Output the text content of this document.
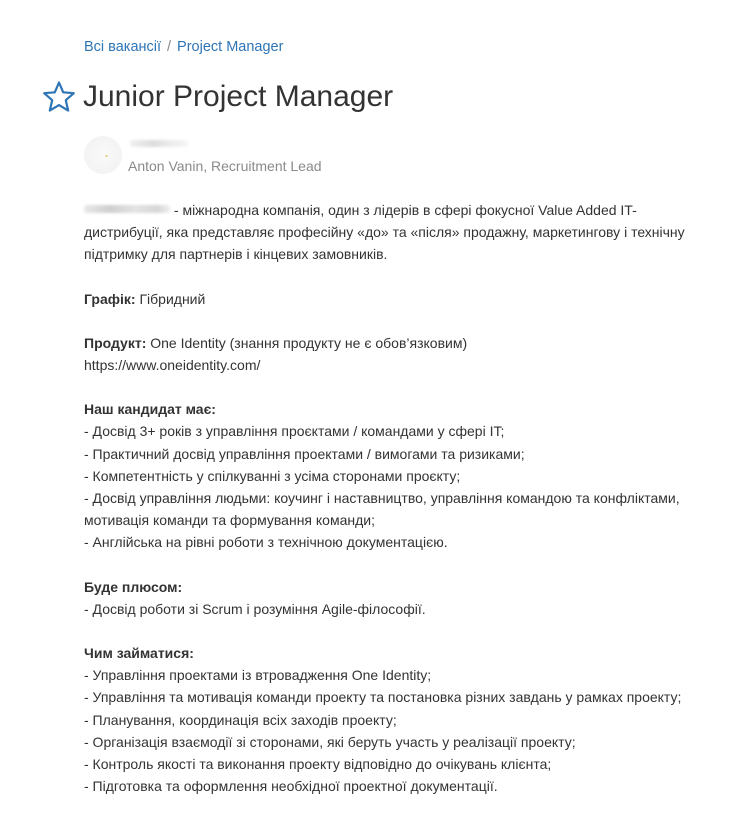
Всі вакансії / Project Manager
Junior Project Manager
Anton Vanin, Recruitment Lead

- міжнародна компанія, один з лідерів в сфері фокусної Value Added IT-
дистрибуції, яка представляє професійну «до» та «після» продажну, маркетингову і технічну
підтримку для партнерів і кінцевих замовників.

Графік: Гібридний

Продукт: One Identity (знання продукту не є обов’язковим)
https://www.oneidentity.com/

Наш кандидат має:
- Досвід 3+ років з управління проєктами / командами у сфері IT;
- Практичний досвід управління проектами / вимогами та ризиками;
- Компетентність у спілкуванні з усіма сторонами проєкту;
- Досвід управління людьми: коучинг і наставництво, управління командою та конфліктами,
мотивація команди та формування команди;
- Англійська на рівні роботи з технічною документацією.

Буде плюсом:
- Досвід роботи зі Scrum і розуміння Agile-філософії.

Чим займатися:
- Управління проектами із втровадження One Identity;
- Управління та мотивація команди проекту та постановка різних завдань у рамках проекту;
- Планування, координація всіх заходів проекту;
- Організація взаємодії зі сторонами, які беруть участь у реалізації проекту;
- Контроль якості та виконання проекту відповідно до очікувань клієнта;
- Підготовка та оформлення необхідної проектної документації.
